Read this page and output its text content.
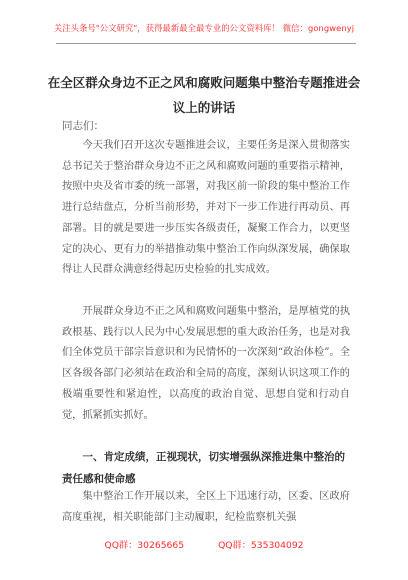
关注头条号"公文研究"，获得最新最全最专业的公文资料库！ 微信：gongwenyj
在全区群众身边不正之风和腐败问题集中整治专题推进会
议上的讲话
同志们：

今天我们召开这次专题推进会议，主要任务是深入贯彻落实总书记关于整治群众身边不正之风和腐败问题的重要指示精神，按照中央及省市委的统一部署，对我区前一阶段的集中整治工作进行总结盘点，分析当前形势，并对下一步工作进行再动员、再部署。目的就是要进一步压实各级责任，凝聚工作合力，以更坚定的决心、更有力的举措推动集中整治工作向纵深发展，确保取得让人民群众满意经得起历史检验的扎实成效。

开展群众身边不正之风和腐败问题集中整治，是厚植党的执政根基、践行以人民为中心发展思想的重大政治任务，也是对我们全体党员干部宗旨意识和为民情怀的一次深刻“政治体检”。全区各级各部门必须站在政治和全局的高度，深刻认识这项工作的极端重要性和紧迫性，以高度的政治自觉、思想自觉和行动自觉，抓紧抓实抓好。

一、肯定成绩，正视现状，切实增强纵深推进集中整治的责任感和使命感

集中整治工作开展以来，全区上下迅速行动，区委、区政府高度重视，相关职能部门主动履职，纪检监察机关强

QQ群：30265665	QQ群：535304092
